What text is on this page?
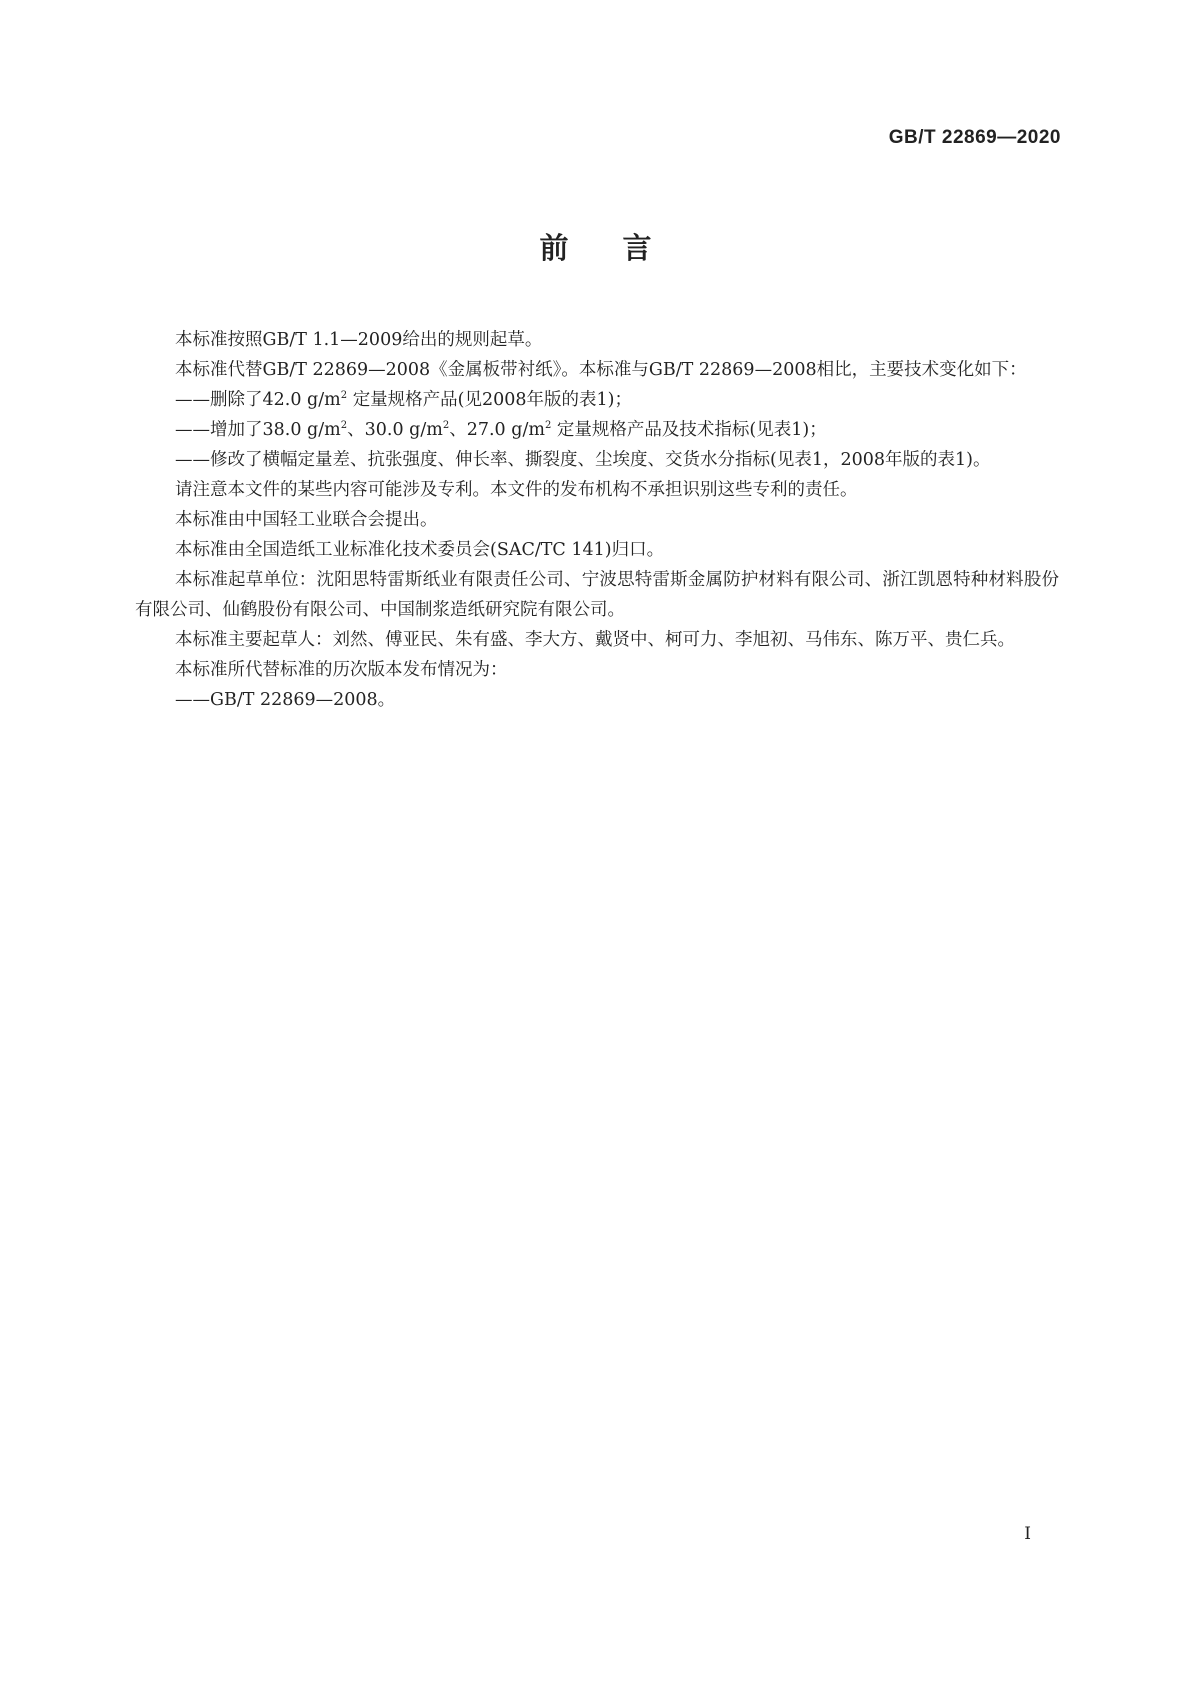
GB/T 22869—2020
前言

本标准按照GB/T 1.1—2009给出的规则起草。

本标准代替GB/T 22869—2008《金属板带衬纸》。本标准与GB/T 22869—2008相比，主要技术变化如下：

——删除了42.0 $g/m^2$ 定量规格产品(见2008年版的表1)；

——增加了38.0 $g/m^2$、30.0 $g/m^2$、27.0 $g/m^2$ 定量规格产品及技术指标(见表1)；

——修改了横幅定量差、抗张强度、伸长率、撕裂度、尘埃度、交货水分指标(见表1，2008年版的表1)。

请注意本文件的某些内容可能涉及专利。本文件的发布机构不承担识别这些专利的责任。

本标准由中国轻工业联合会提出。

本标准由全国造纸工业标准化技术委员会(SAC/TC 141)归口。

本标准起草单位：沈阳思特雷斯纸业有限责任公司、宁波思特雷斯金属防护材料有限公司、浙江凯恩特种材料股份有限公司、仙鹤股份有限公司、中国制浆造纸研究院有限公司。

本标准主要起草人：刘然、傅亚民、朱有盛、李大方、戴贤中、柯可力、李旭初、马伟东、陈万平、贵仁兵。

本标准所代替标准的历次版本发布情况为：

——GB/T 22869—2008。

I
